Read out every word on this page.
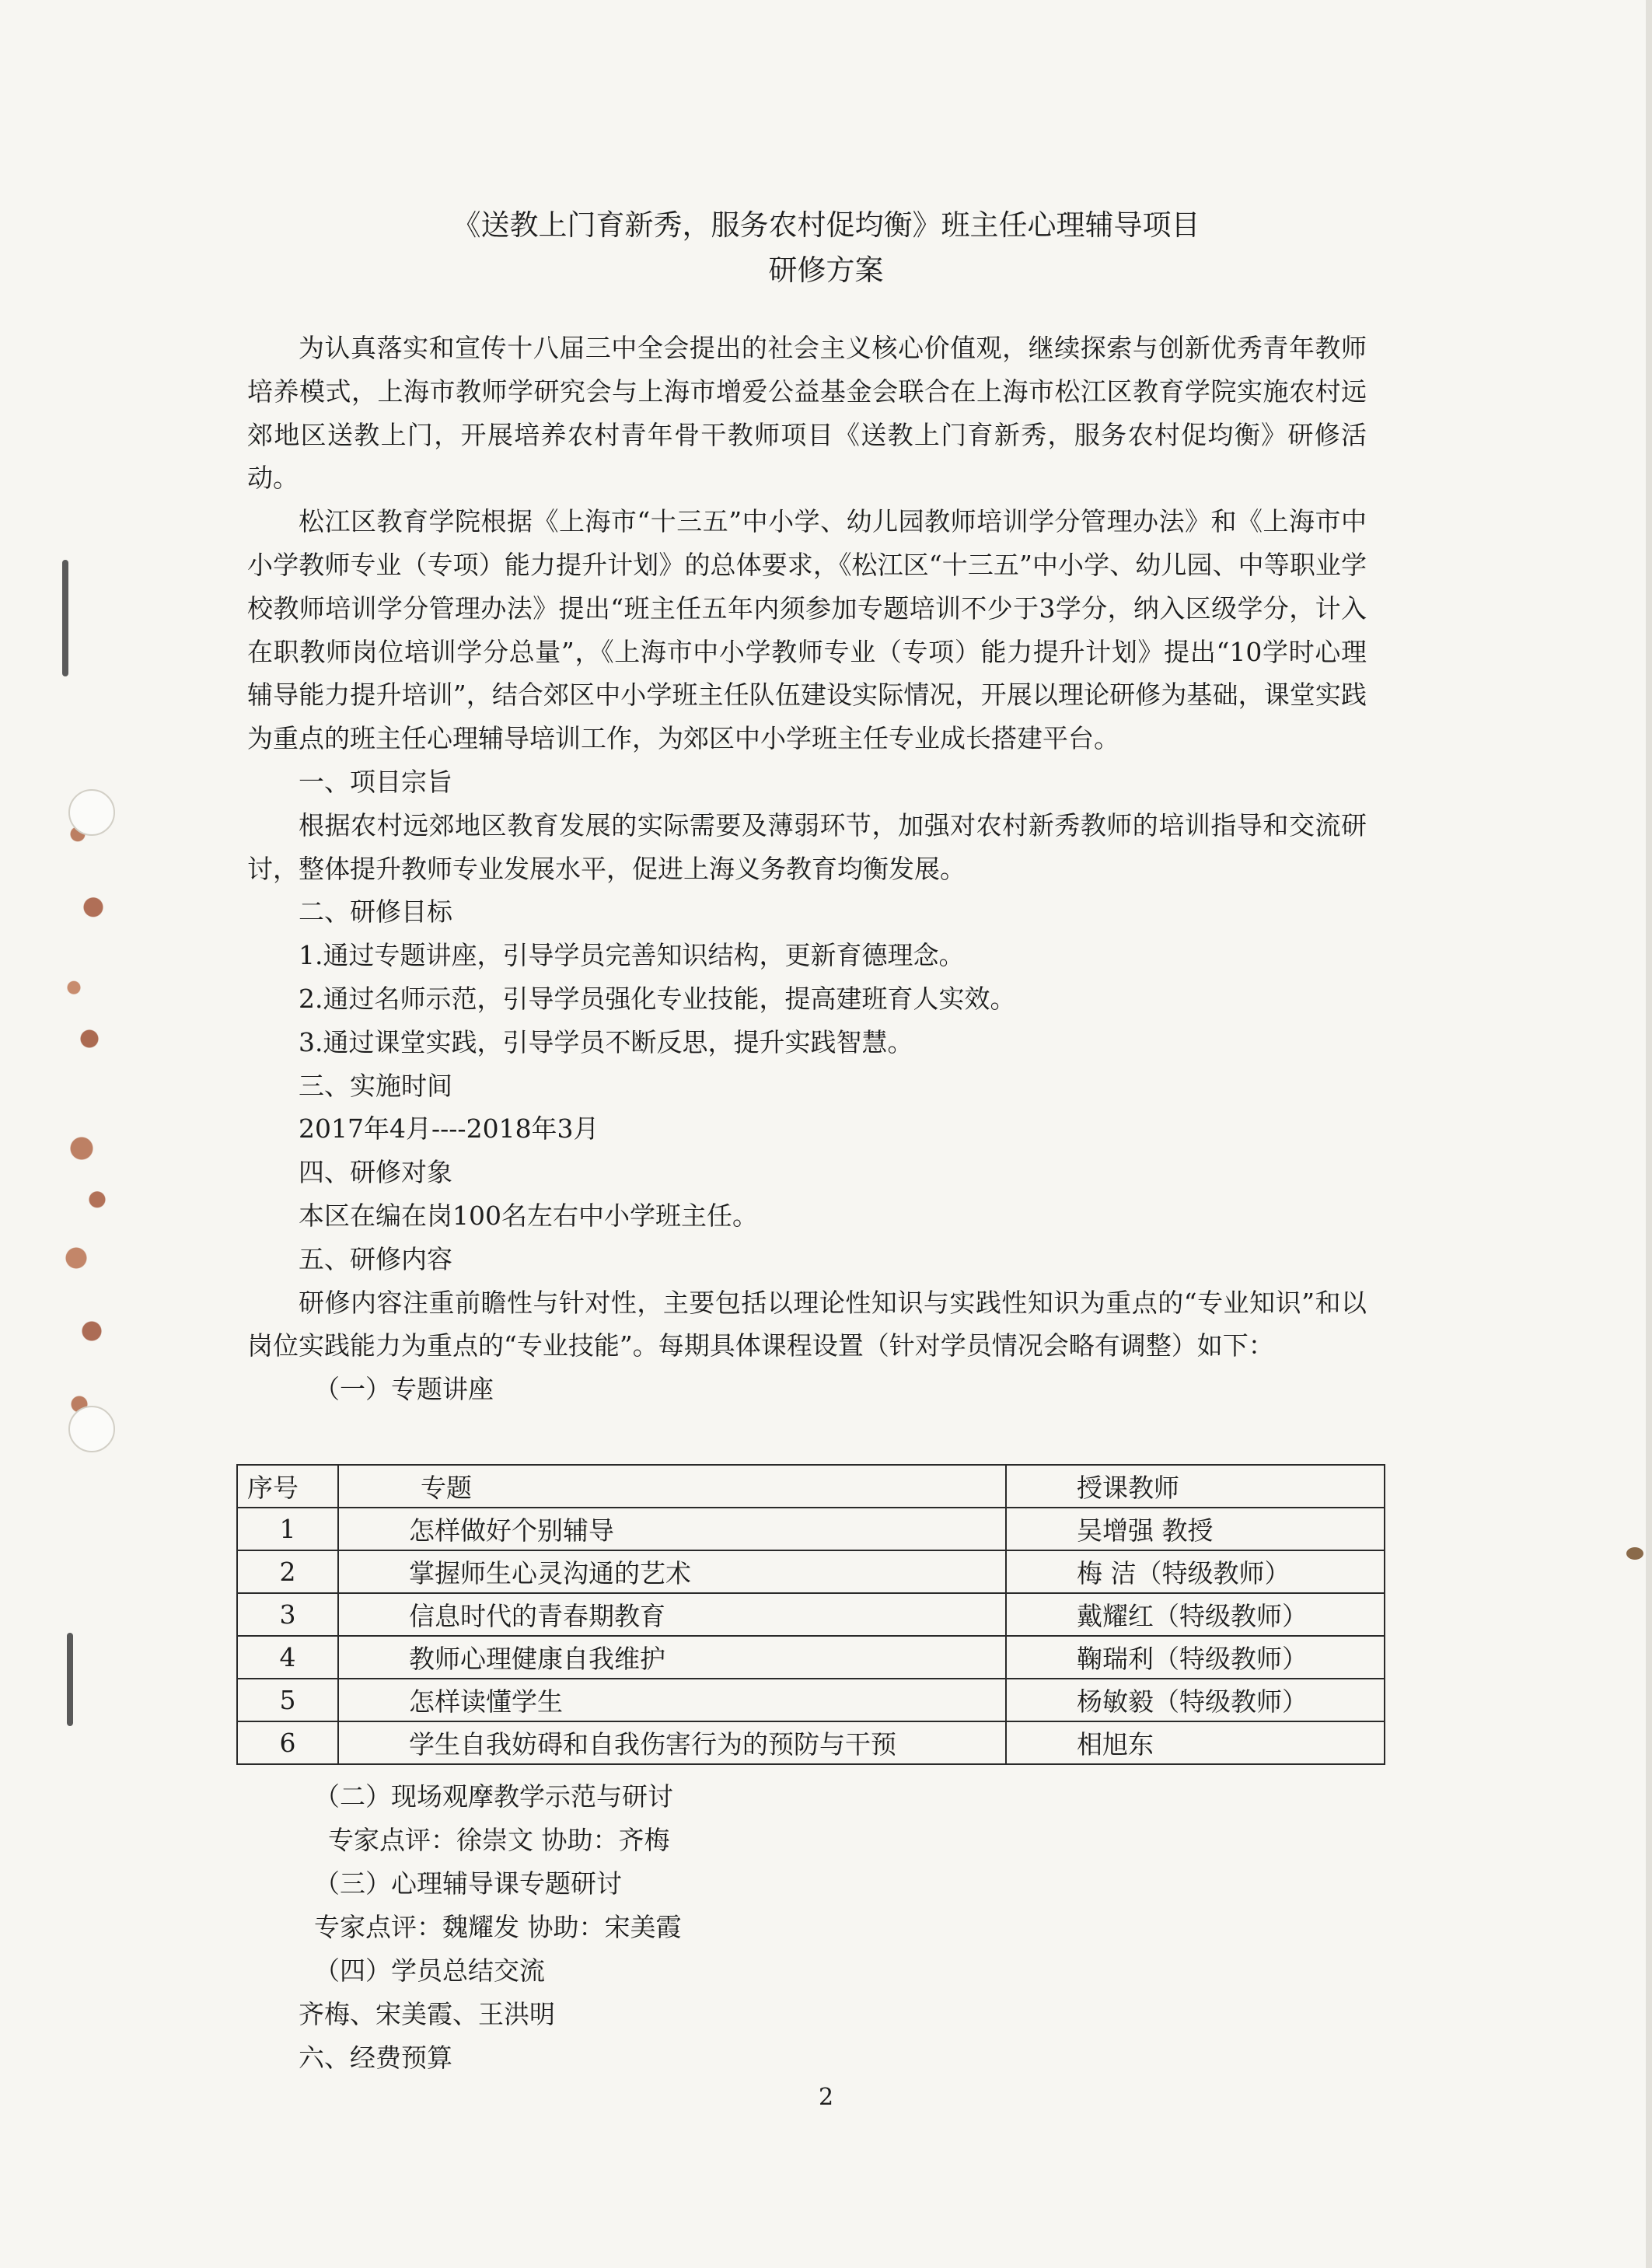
《送教上门育新秀，服务农村促均衡》班主任心理辅导项目
研修方案

为认真落实和宣传十八届三中全会提出的社会主义核心价值观，继续探索与创新优秀青年教师培养模式，上海市教师学研究会与上海市增爱公益基金会联合在上海市松江区教育学院实施农村远郊地区送教上门，开展培养农村青年骨干教师项目《送教上门育新秀，服务农村促均衡》研修活动。

松江区教育学院根据《上海市“十三五”中小学、幼儿园教师培训学分管理办法》和《上海市中小学教师专业（专项）能力提升计划》的总体要求，《松江区“十三五”中小学、幼儿园、中等职业学校教师培训学分管理办法》提出“班主任五年内须参加专题培训不少于3学分，纳入区级学分，计入在职教师岗位培训学分总量”，《上海市中小学教师专业（专项）能力提升计划》提出“10学时心理辅导能力提升培训”，结合郊区中小学班主任队伍建设实际情况，开展以理论研修为基础，课堂实践为重点的班主任心理辅导培训工作，为郊区中小学班主任专业成长搭建平台。

一、项目宗旨

根据农村远郊地区教育发展的实际需要及薄弱环节，加强对农村新秀教师的培训指导和交流研讨，整体提升教师专业发展水平，促进上海义务教育均衡发展。

二、研修目标

1.通过专题讲座，引导学员完善知识结构，更新育德理念。

2.通过名师示范，引导学员强化专业技能，提高建班育人实效。

3.通过课堂实践，引导学员不断反思，提升实践智慧。

三、实施时间

2017年4月----2018年3月

四、研修对象

本区在编在岗100名左右中小学班主任。

五、研修内容

研修内容注重前瞻性与针对性，主要包括以理论性知识与实践性知识为重点的“专业知识”和以岗位实践能力为重点的“专业技能”。每期具体课程设置（针对学员情况会略有调整）如下：

（一）专题讲座

序号	专题	授课教师
1	怎样做好个别辅导	吴增强 教授
2	掌握师生心灵沟通的艺术	梅 洁（特级教师）
3	信息时代的青春期教育	戴耀红（特级教师）
4	教师心理健康自我维护	鞠瑞利（特级教师）
5	怎样读懂学生	杨敏毅（特级教师）
6	学生自我妨碍和自我伤害行为的预防与干预	相旭东

（二）现场观摩教学示范与研讨

专家点评：徐崇文 协助：齐梅

（三）心理辅导课专题研讨

专家点评：魏耀发 协助：宋美霞

（四）学员总结交流

齐梅、宋美霞、王洪明

六、经费预算

2
